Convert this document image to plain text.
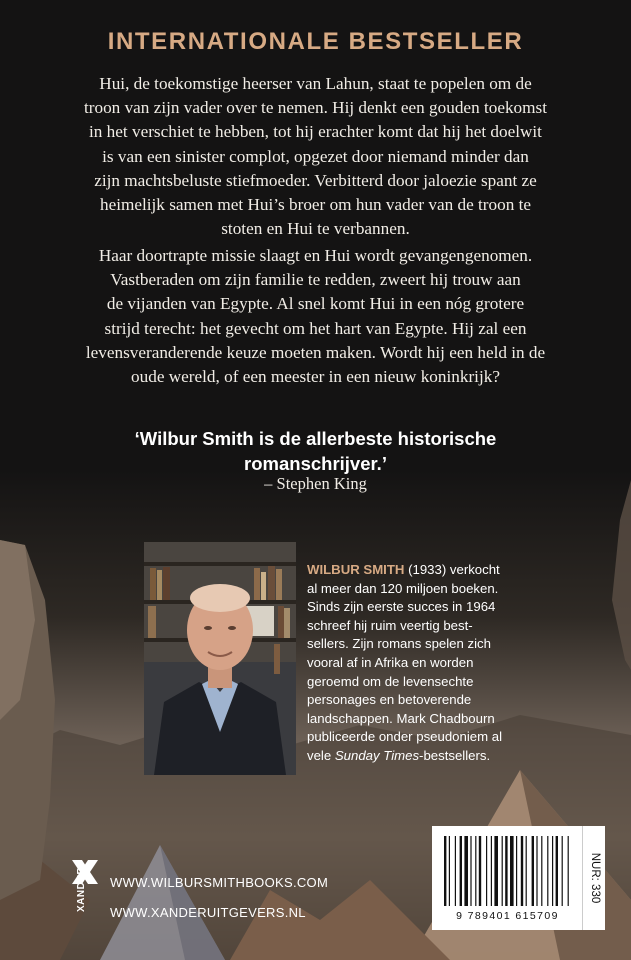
INTERNATIONALE BESTSELLER

Hui, de toekomstige heerser van Lahun, staat te popelen om de
troon van zijn vader over te nemen. Hij denkt een gouden toekomst
in het verschiet te hebben, tot hij erachter komt dat hij het doelwit
is van een sinister complot, opgezet door niemand minder dan
zijn machtsbeluste stiefmoeder. Verbitterd door jaloezie spant ze
heimelijk samen met Hui’s broer om hun vader van de troon te
stoten en Hui te verbannen.

Haar doortrapte missie slaagt en Hui wordt gevangengenomen.
Vastberaden om zijn familie te redden, zweert hij trouw aan
de vijanden van Egypte. Al snel komt Hui in een nóg grotere
strijd terecht: het gevecht om het hart van Egypte. Hij zal een
levensveranderende keuze moeten maken. Wordt hij een held in de
oude wereld, of een meester in een nieuw koninkrijk?

‘Wilbur Smith is de allerbeste historische
romanschrijver.’
– Stephen King

WILBUR SMITH (1933) verkocht
al meer dan 120 miljoen boeken.
Sinds zijn eerste succes in 1964
schreef hij ruim veertig best-
sellers. Zijn romans spelen zich
vooral af in Afrika en worden
geroemd om de levensechte
personages en betoverende
landschappen. Mark Chadbourn
publiceerde onder pseudoniem al
vele Sunday Times-bestsellers.

XANDER WWW.WILBURSMITHBOOKS.COM
WWW.XANDERUITGEVERS.NL	9 789401 615709
NUR: 330
